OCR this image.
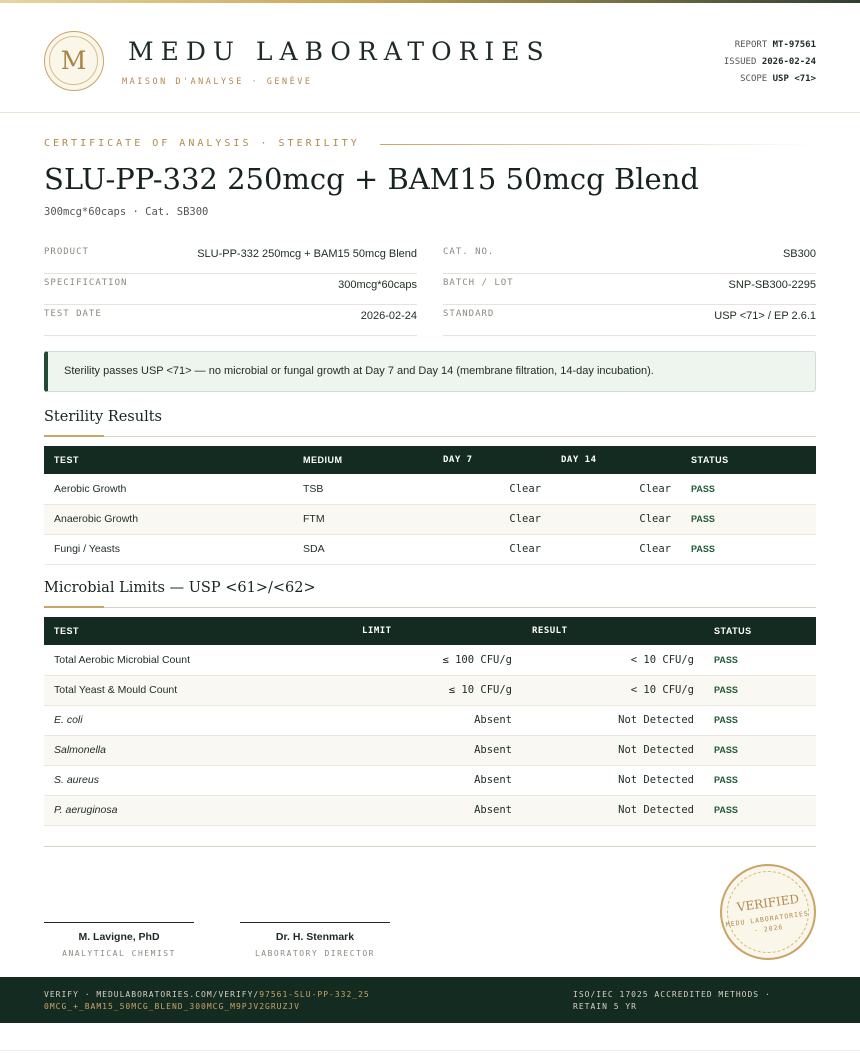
M	MEDU LABORATORIES
MAISON D'ANALYSE · GENÈVE
REPORT MT-97561
ISSUED 2026-02-24
SCOPE USP <71>
CERTIFICATE OF ANALYSIS · STERILITY
SLU-PP-332 250mcg + BAM15 50mcg Blend
300mcg*60caps · Cat. SB300
PRODUCT	SLU-PP-332 250mcg + BAM15 50mcg Blend
SPECIFICATION	300mcg*60caps
TEST DATE	2026-02-24
CAT. NO.	SB300
BATCH / LOT	SNP-SB300-2295
STANDARD	USP <71> / EP 2.6.1
Sterility passes USP <71> — no microbial or fungal growth at Day 7 and Day 14 (membrane filtration, 14-day incubation).
Sterility Results
TEST	MEDIUM	DAY 7	DAY 14	STATUS
Aerobic Growth	TSB	Clear	Clear	PASS
Anaerobic Growth	FTM	Clear	Clear	PASS
Fungi / Yeasts	SDA	Clear	Clear	PASS
Microbial Limits — USP <61>/<62>
TEST	LIMIT	RESULT	STATUS
Total Aerobic Microbial Count	≤ 100 CFU/g	< 10 CFU/g	PASS
Total Yeast & Mould Count	≤ 10 CFU/g	< 10 CFU/g	PASS
E. coli	Absent	Not Detected	PASS
Salmonella	Absent	Not Detected	PASS
S. aureus	Absent	Not Detected	PASS
P. aeruginosa	Absent	Not Detected	PASS
M. Lavigne, PhD
ANALYTICAL CHEMIST
Dr. H. Stenmark
LABORATORY DIRECTOR
VERIFIED
MEDU LABORATORIES · 2026
VERIFY · MEDULABORATORIES.COM/VERIFY/97561-SLU-PP-332_250MCG_+_BAM15_50MCG_BLEND_300MCG_M9PJV2GRUZJV
ISO/IEC 17025 ACCREDITED METHODS · RETAIN 5 YR
